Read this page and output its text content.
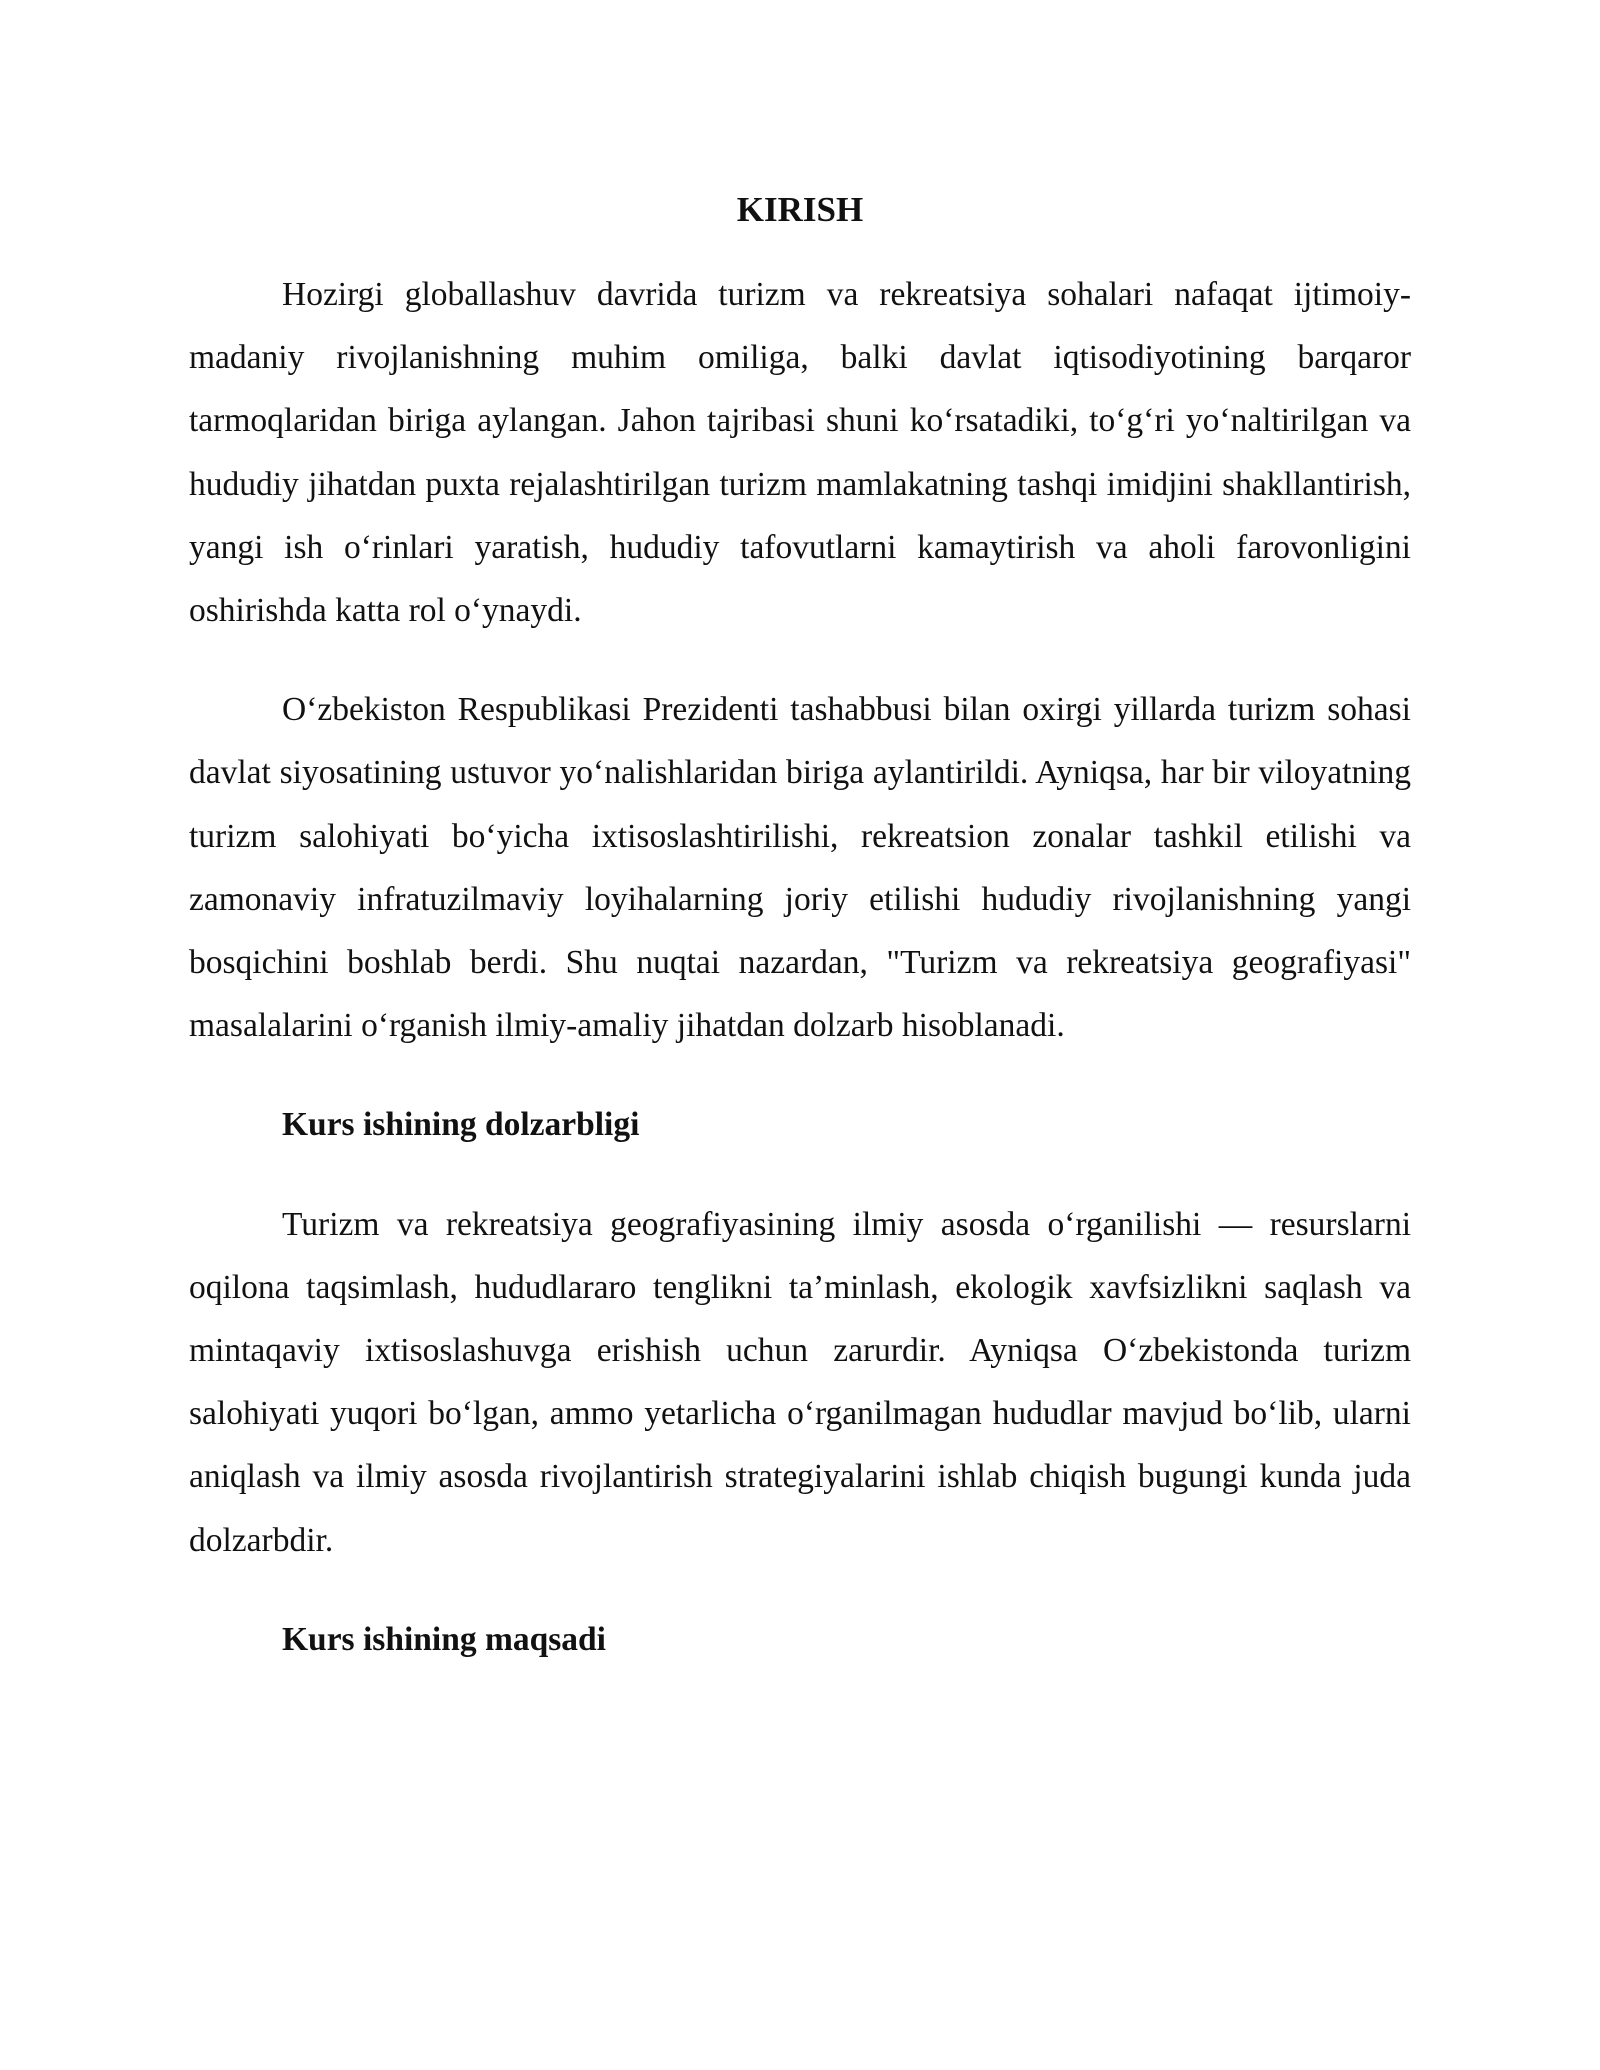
KIRISH

Hozirgi globallashuv davrida turizm va rekreatsiya sohalari nafaqat ijtimoiy-madaniy rivojlanishning muhim omiliga, balki davlat iqtisodiyotining barqaror tarmoqlaridan biriga aylangan. Jahon tajribasi shuni ko‘rsatadiki, to‘g‘ri yo‘naltirilgan va hududiy jihatdan puxta rejalashtirilgan turizm mamlakatning tashqi imidjini shakllantirish, yangi ish o‘rinlari yaratish, hududiy tafovutlarni kamaytirish va aholi farovonligini oshirishda katta rol o‘ynaydi.

O‘zbekiston Respublikasi Prezidenti tashabbusi bilan oxirgi yillarda turizm sohasi davlat siyosatining ustuvor yo‘nalishlaridan biriga aylantirildi. Ayniqsa, har bir viloyatning turizm salohiyati bo‘yicha ixtisoslashtirilishi, rekreatsion zonalar tashkil etilishi va zamonaviy infratuzilmaviy loyihalarning joriy etilishi hududiy rivojlanishning yangi bosqichini boshlab berdi. Shu nuqtai nazardan, "Turizm va rekreatsiya geografiyasi" masalalarini o‘rganish ilmiy-amaliy jihatdan dolzarb hisoblanadi.

Kurs ishining dolzarbligi

Turizm va rekreatsiya geografiyasining ilmiy asosda o‘rganilishi — resurslarni oqilona taqsimlash, hududlararo tenglikni ta’minlash, ekologik xavfsizlikni saqlash va mintaqaviy ixtisoslashuvga erishish uchun zarurdir. Ayniqsa O‘zbekistonda turizm salohiyati yuqori bo‘lgan, ammo yetarlicha o‘rganilmagan hududlar mavjud bo‘lib, ularni aniqlash va ilmiy asosda rivojlantirish strategiyalarini ishlab chiqish bugungi kunda juda dolzarbdir.

Kurs ishining maqsadi
